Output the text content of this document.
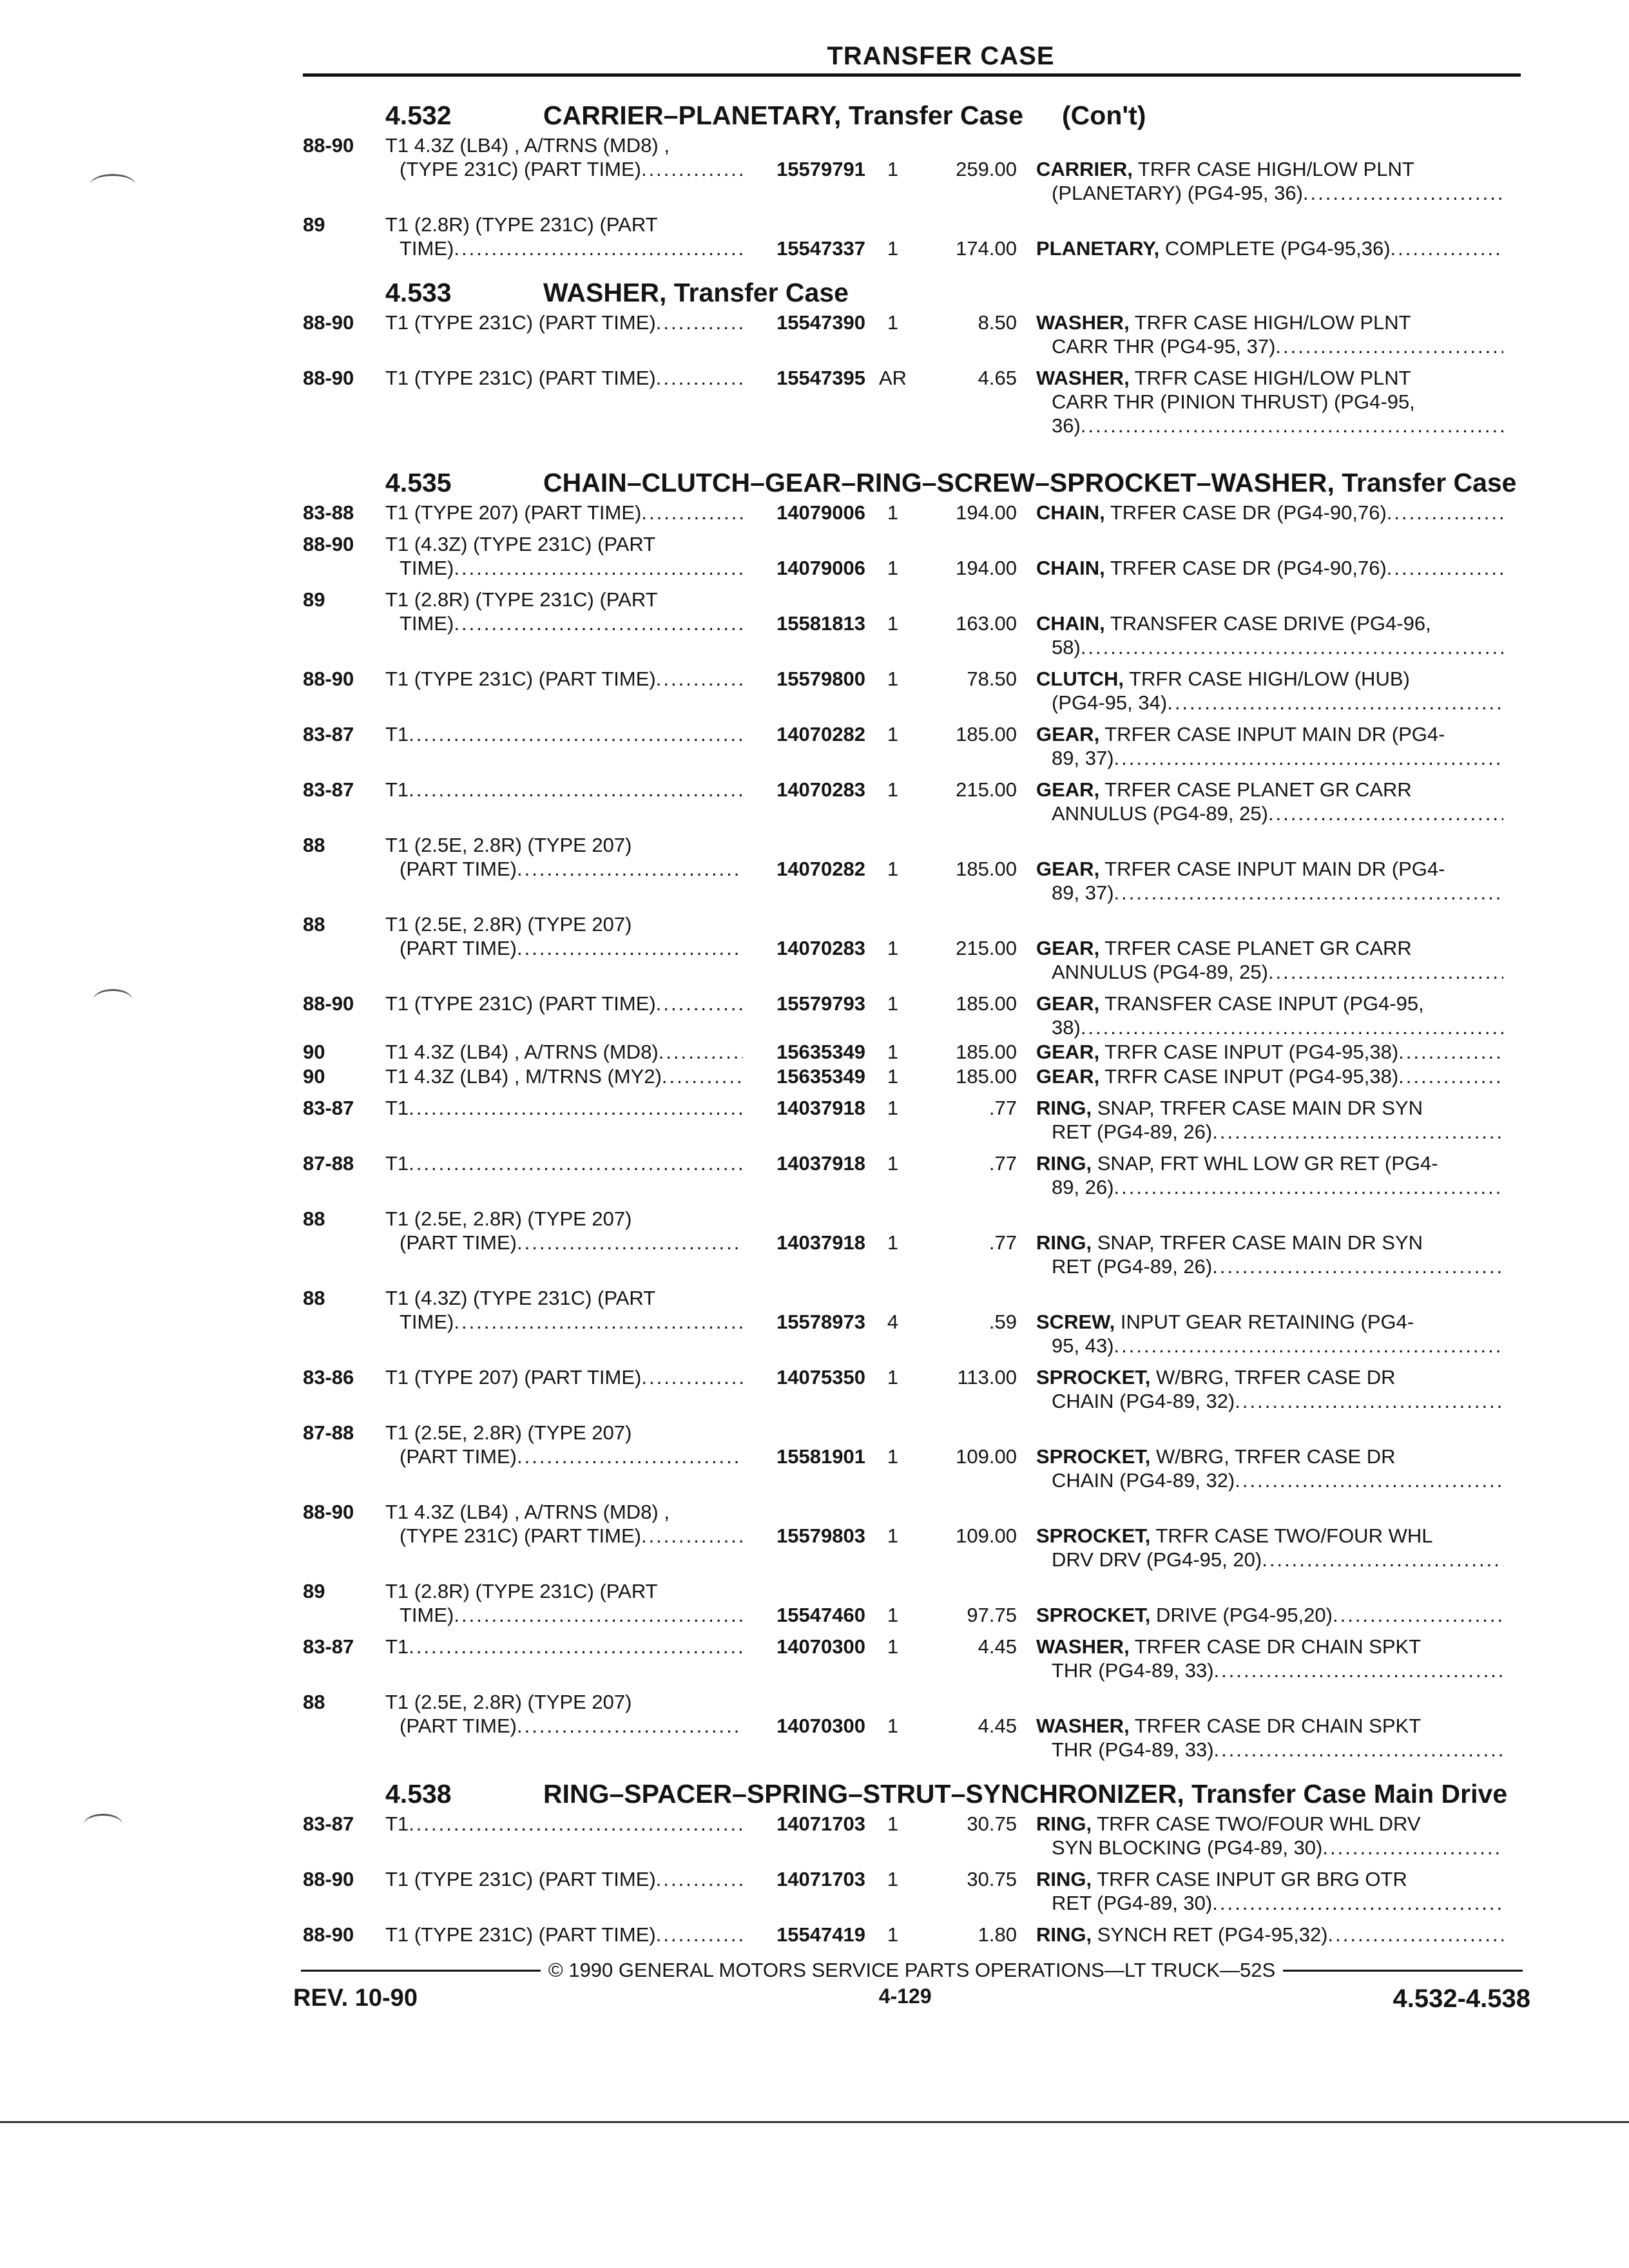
TRANSFER CASE
4.532	CARRIER–PLANETARY, Transfer Case (Con't)
88-90	T1 4.3Z (LB4) , A/TRNS (MD8) ,
(TYPE 231C) (PART TIME) .....	15579791	1	259.00 CARRIER, TRFR CASE HIGH/LOW PLNT
(PLANETARY) (PG4-95, 36)
.....
89	T1 (2.8R) (TYPE 231C) (PART
TIME) .....	15547337	1	174.00 PLANETARY, COMPLETE (PG4-95,36)
.....
4.533	WASHER, Transfer Case
88-90	T1 (TYPE 231C) (PART TIME) .....	15547390	1	8.50 WASHER, TRFR CASE HIGH/LOW PLNT
CARR THR (PG4-95, 37)
.....
88-90	T1 (TYPE 231C) (PART TIME) .....	15547395 AR	4.65 WASHER, TRFR CASE HIGH/LOW PLNT
CARR THR (PINION THRUST) (PG4-95,
36)
.....
4.535	CHAIN–CLUTCH–GEAR–RING–SCREW–SPROCKET–WASHER, Transfer Case
83-88	T1 (TYPE 207) (PART TIME) .....	14079006	1	194.00 CHAIN, TRFER CASE DR (PG4-90,76)
.....
88-90	T1 (4.3Z) (TYPE 231C) (PART
TIME) .....	14079006	1	194.00 CHAIN, TRFER CASE DR (PG4-90,76)
.....
89	T1 (2.8R) (TYPE 231C) (PART
TIME) .....	15581813	1	163.00 CHAIN, TRANSFER CASE DRIVE (PG4-96,
58)
.....
88-90	T1 (TYPE 231C) (PART TIME) .....	15579800	1	78.50 CLUTCH, TRFR CASE HIGH/LOW (HUB)
(PG4-95, 34)
.....
83-87	T1 .....	14070282	1	185.00 GEAR, TRFER CASE INPUT MAIN DR (PG4-
89, 37)
.....
83-87	T1 .....	14070283	1	215.00 GEAR, TRFER CASE PLANET GR CARR
ANNULUS (PG4-89, 25)
.....
88	T1 (2.5E, 2.8R) (TYPE 207)
(PART TIME) .....	14070282	1	185.00 GEAR, TRFER CASE INPUT MAIN DR (PG4-
89, 37)
.....
88	T1 (2.5E, 2.8R) (TYPE 207)
(PART TIME) .....	14070283	1	215.00 GEAR, TRFER CASE PLANET GR CARR
ANNULUS (PG4-89, 25)
.....
88-90	T1 (TYPE 231C) (PART TIME) .....	15579793	1	185.00 GEAR, TRANSFER CASE INPUT (PG4-95,
38)
.....
90	T1 4.3Z (LB4) , A/TRNS (MD8) .....	15635349	1	185.00 GEAR, TRFR CASE INPUT (PG4-95,38)
.....
90	T1 4.3Z (LB4) , M/TRNS (MY2) .....	15635349	1	185.00 GEAR, TRFR CASE INPUT (PG4-95,38)
.....
83-87	T1 .....	14037918	1	.77 RING, SNAP, TRFER CASE MAIN DR SYN
RET (PG4-89, 26)
.....
87-88	T1 .....	14037918	1	.77 RING, SNAP, FRT WHL LOW GR RET (PG4-
89, 26)
.....
88	T1 (2.5E, 2.8R) (TYPE 207)
(PART TIME) .....	14037918	1	.77 RING, SNAP, TRFER CASE MAIN DR SYN
RET (PG4-89, 26)
.....
88	T1 (4.3Z) (TYPE 231C) (PART
TIME) .....	15578973	4	.59 SCREW, INPUT GEAR RETAINING (PG4-
95, 43)
.....
83-86	T1 (TYPE 207) (PART TIME) .....	14075350	1	113.00 SPROCKET, W/BRG, TRFER CASE DR
CHAIN (PG4-89, 32)
.....
87-88	T1 (2.5E, 2.8R) (TYPE 207)
(PART TIME) .....	15581901	1	109.00 SPROCKET, W/BRG, TRFER CASE DR
CHAIN (PG4-89, 32)
.....
88-90	T1 4.3Z (LB4) , A/TRNS (MD8) ,
(TYPE 231C) (PART TIME) .....	15579803	1	109.00 SPROCKET, TRFR CASE TWO/FOUR WHL
DRV DRV (PG4-95, 20)
.....
89	T1 (2.8R) (TYPE 231C) (PART
TIME) .....	15547460	1	97.75 SPROCKET, DRIVE (PG4-95,20)
.....
83-87	T1 .....	14070300	1	4.45 WASHER, TRFER CASE DR CHAIN SPKT
THR (PG4-89, 33)
.....
88	T1 (2.5E, 2.8R) (TYPE 207)
(PART TIME) .....	14070300	1	4.45 WASHER, TRFER CASE DR CHAIN SPKT
THR (PG4-89, 33)
.....
4.538	RING–SPACER–SPRING–STRUT–SYNCHRONIZER, Transfer Case Main Drive
83-87	T1 .....	14071703	1	30.75 RING, TRFR CASE TWO/FOUR WHL DRV
SYN BLOCKING (PG4-89, 30)
.....
88-90	T1 (TYPE 231C) (PART TIME) .....	14071703	1	30.75 RING, TRFR CASE INPUT GR BRG OTR
RET (PG4-89, 30)
.....
88-90	T1 (TYPE 231C) (PART TIME) .....	15547419	1	1.80 RING, SYNCH RET (PG4-95,32)
.....
© 1990 GENERAL MOTORS SERVICE PARTS OPERATIONS—LT TRUCK—52S
REV. 10-90	4-129	4.532-4.538
